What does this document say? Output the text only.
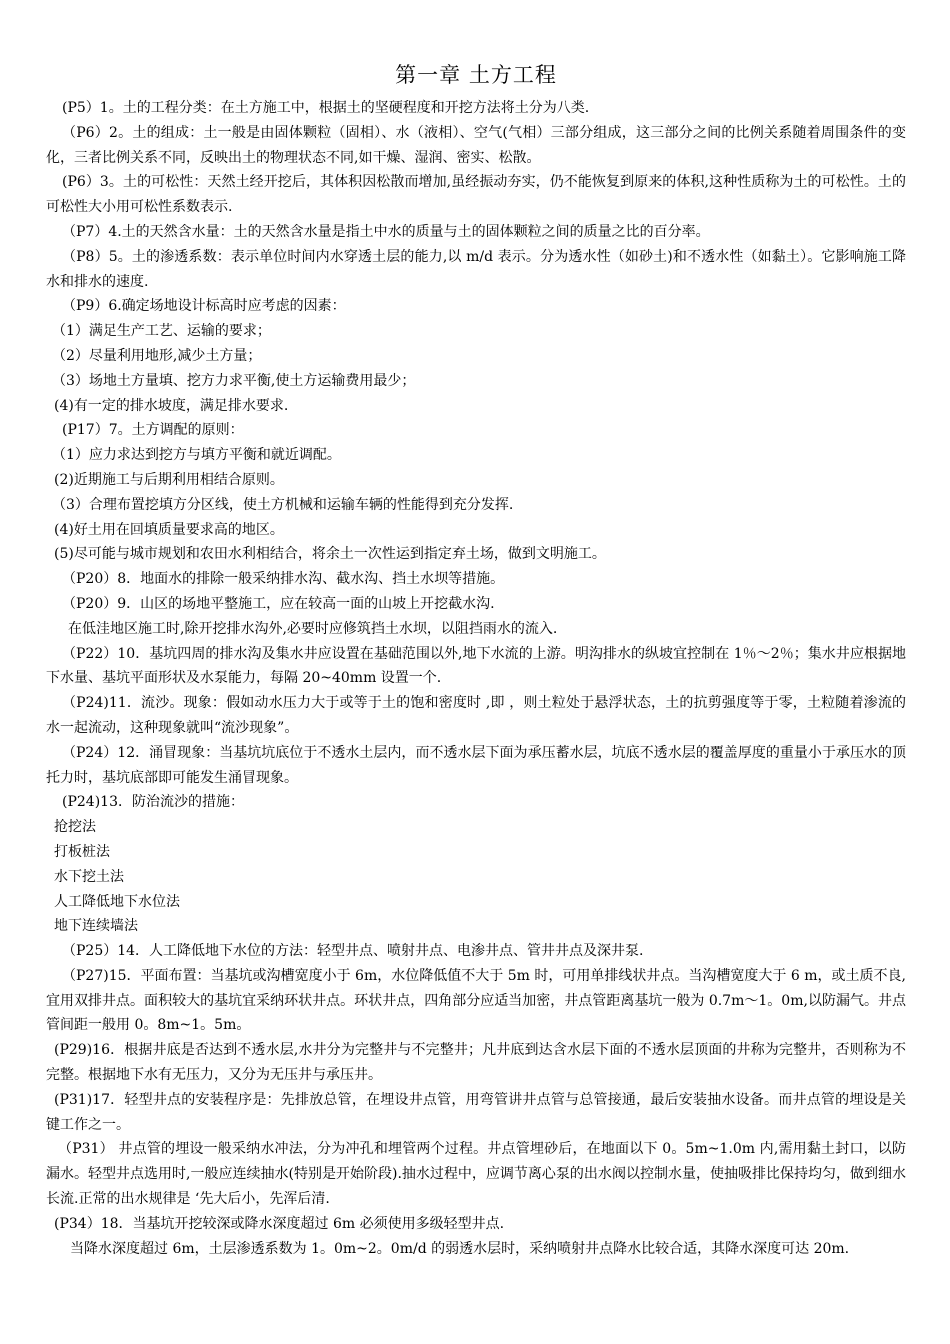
第一章 土方工程

(P5）1。土的工程分类：在土方施工中，根据土的坚硬程度和开挖方法将土分为八类.

（P6）2。土的组成：土一般是由固体颗粒（固相）、水（液相）、空气(气相）三部分组成，这三部分之间的比例关系随着周围条件的变化，三者比例关系不同，反映出土的物理状态不同,如干燥、湿润、密实、松散。

(P6）3。土的可松性：天然土经开挖后，其体积因松散而增加,虽经振动夯实，仍不能恢复到原来的体积,这种性质称为土的可松性。土的可松性大小用可松性系数表示.

（P7）4.土的天然含水量：土的天然含水量是指土中水的质量与土的固体颗粒之间的质量之比的百分率。

（P8）5。土的渗透系数：表示单位时间内水穿透土层的能力,以 m/d 表示。分为透水性（如砂土)和不透水性（如黏土）。它影响施工降水和排水的速度.

（P9）6.确定场地设计标高时应考虑的因素：

（1）满足生产工艺、运输的要求；

（2）尽量利用地形,减少土方量；

（3）场地土方量填、挖方力求平衡,使土方运输费用最少；

(4)有一定的排水坡度，满足排水要求.

(P17）7。土方调配的原则：

（1）应力求达到挖方与填方平衡和就近调配。

(2)近期施工与后期利用相结合原则。

（3）合理布置挖填方分区线，使土方机械和运输车辆的性能得到充分发挥.

(4)好土用在回填质量要求高的地区。

(5)尽可能与城市规划和农田水利相结合，将余土一次性运到指定弃土场，做到文明施工。

（P20）8．地面水的排除一般采纳排水沟、截水沟、挡土水坝等措施。

（P20）9．山区的场地平整施工，应在较高一面的山坡上开挖截水沟.

在低洼地区施工时,除开挖排水沟外,必要时应修筑挡土水坝，以阻挡雨水的流入.

（P22）10．基坑四周的排水沟及集水井应设置在基础范围以外,地下水流的上游。明沟排水的纵坡宜控制在 1％～2％；集水井应根据地下水量、基坑平面形状及水泵能力，每隔 20~40mm 设置一个.

（P24)11．流沙。现象：假如动水压力大于或等于土的饱和密度时 ,即 ，则土粒处于悬浮状态，土的抗剪强度等于零，土粒随着渗流的水一起流动，这种现象就叫“流沙现象”。

（P24）12．涌冒现象：当基坑坑底位于不透水土层内，而不透水层下面为承压蓄水层，坑底不透水层的覆盖厚度的重量小于承压水的顶托力时，基坑底部即可能发生涌冒现象。

(P24)13．防治流沙的措施：

抢挖法

打板桩法

水下挖土法

人工降低地下水位法

地下连续墙法

（P25）14．人工降低地下水位的方法：轻型井点、喷射井点、电渗井点、管井井点及深井泵.

（P27)15．平面布置：当基坑或沟槽宽度小于 6m，水位降低值不大于 5m 时，可用单排线状井点。当沟槽宽度大于 6 m，或土质不良,宜用双排井点。面积较大的基坑宜采纳环状井点。环状井点，四角部分应适当加密，井点管距离基坑一般为 0.7m～1。0m,以防漏气。井点管间距一般用 0。8m~1。5m。

(P29)16．根据井底是否达到不透水层,水井分为完整井与不完整井；凡井底到达含水层下面的不透水层顶面的井称为完整井，否则称为不完整。根据地下水有无压力，又分为无压井与承压井。

(P31)17．轻型井点的安装程序是：先排放总管，在埋设井点管，用弯管讲井点管与总管接通，最后安装抽水设备。而井点管的埋设是关键工作之一。

（P31） 井点管的埋设一般采纳水冲法，分为冲孔和埋管两个过程。井点管埋砂后，在地面以下 0。5m~1.0m 内,需用黏土封口，以防漏水。轻型井点选用时,一般应连续抽水(特别是开始阶段).抽水过程中，应调节离心泵的出水阀以控制水量，使抽吸排比保持均匀，做到细水长流.正常的出水规律是 ‘先大后小，先浑后清.

(P34）18．当基坑开挖较深或降水深度超过 6m 必须使用多级轻型井点.

当降水深度超过 6m，土层渗透系数为 1。0m~2。0m/d 的弱透水层时，采纳喷射井点降水比较合适，其降水深度可达 20m.
